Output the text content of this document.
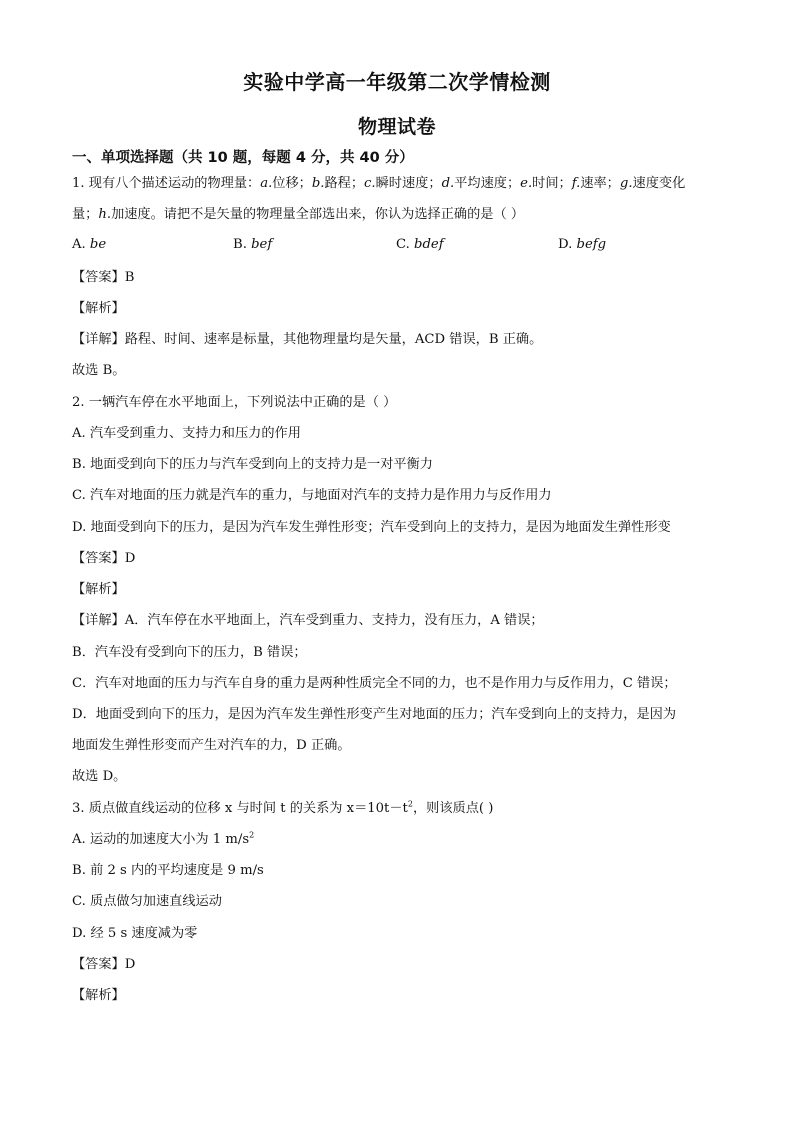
实验中学高一年级第二次学情检测
物理试卷
一、单项选择题（共 10 题，每题 4 分，共 40 分）
1. 现有八个描述运动的物理量：a.位移；b.路程；c.瞬时速度；d.平均速度；e.时间；f.速率；g.速度变化
量；h.加速度。请把不是矢量的物理量全部选出来，你认为选择正确的是（ ）
A. be	B. bef	C. bdef	D. befg
【答案】B
【解析】
【详解】路程、时间、速率是标量，其他物理量均是矢量，ACD 错误，B 正确。
故选 B。
2. 一辆汽车停在水平地面上，下列说法中正确的是（ ）
A. 汽车受到重力、支持力和压力的作用
B. 地面受到向下的压力与汽车受到向上的支持力是一对平衡力
C. 汽车对地面的压力就是汽车的重力，与地面对汽车的支持力是作用力与反作用力
D. 地面受到向下的压力，是因为汽车发生弹性形变；汽车受到向上的支持力，是因为地面发生弹性形变
【答案】D
【解析】
【详解】A．汽车停在水平地面上，汽车受到重力、支持力，没有压力，A 错误；
B．汽车没有受到向下的压力，B 错误；
C．汽车对地面的压力与汽车自身的重力是两种性质完全不同的力，也不是作用力与反作用力，C 错误；
D．地面受到向下的压力，是因为汽车发生弹性形变产生对地面的压力；汽车受到向上的支持力，是因为
地面发生弹性形变而产生对汽车的力，D 正确。
故选 D。
3. 质点做直线运动的位移 x 与时间 t 的关系为 $x=10t-t^2$，则该质点( )
A. 运动的加速度大小为 1 $m/s^2$
B. 前 2 s 内的平均速度是 9 m/s
C. 质点做匀加速直线运动
D. 经 5 s 速度减为零
【答案】D
【解析】
